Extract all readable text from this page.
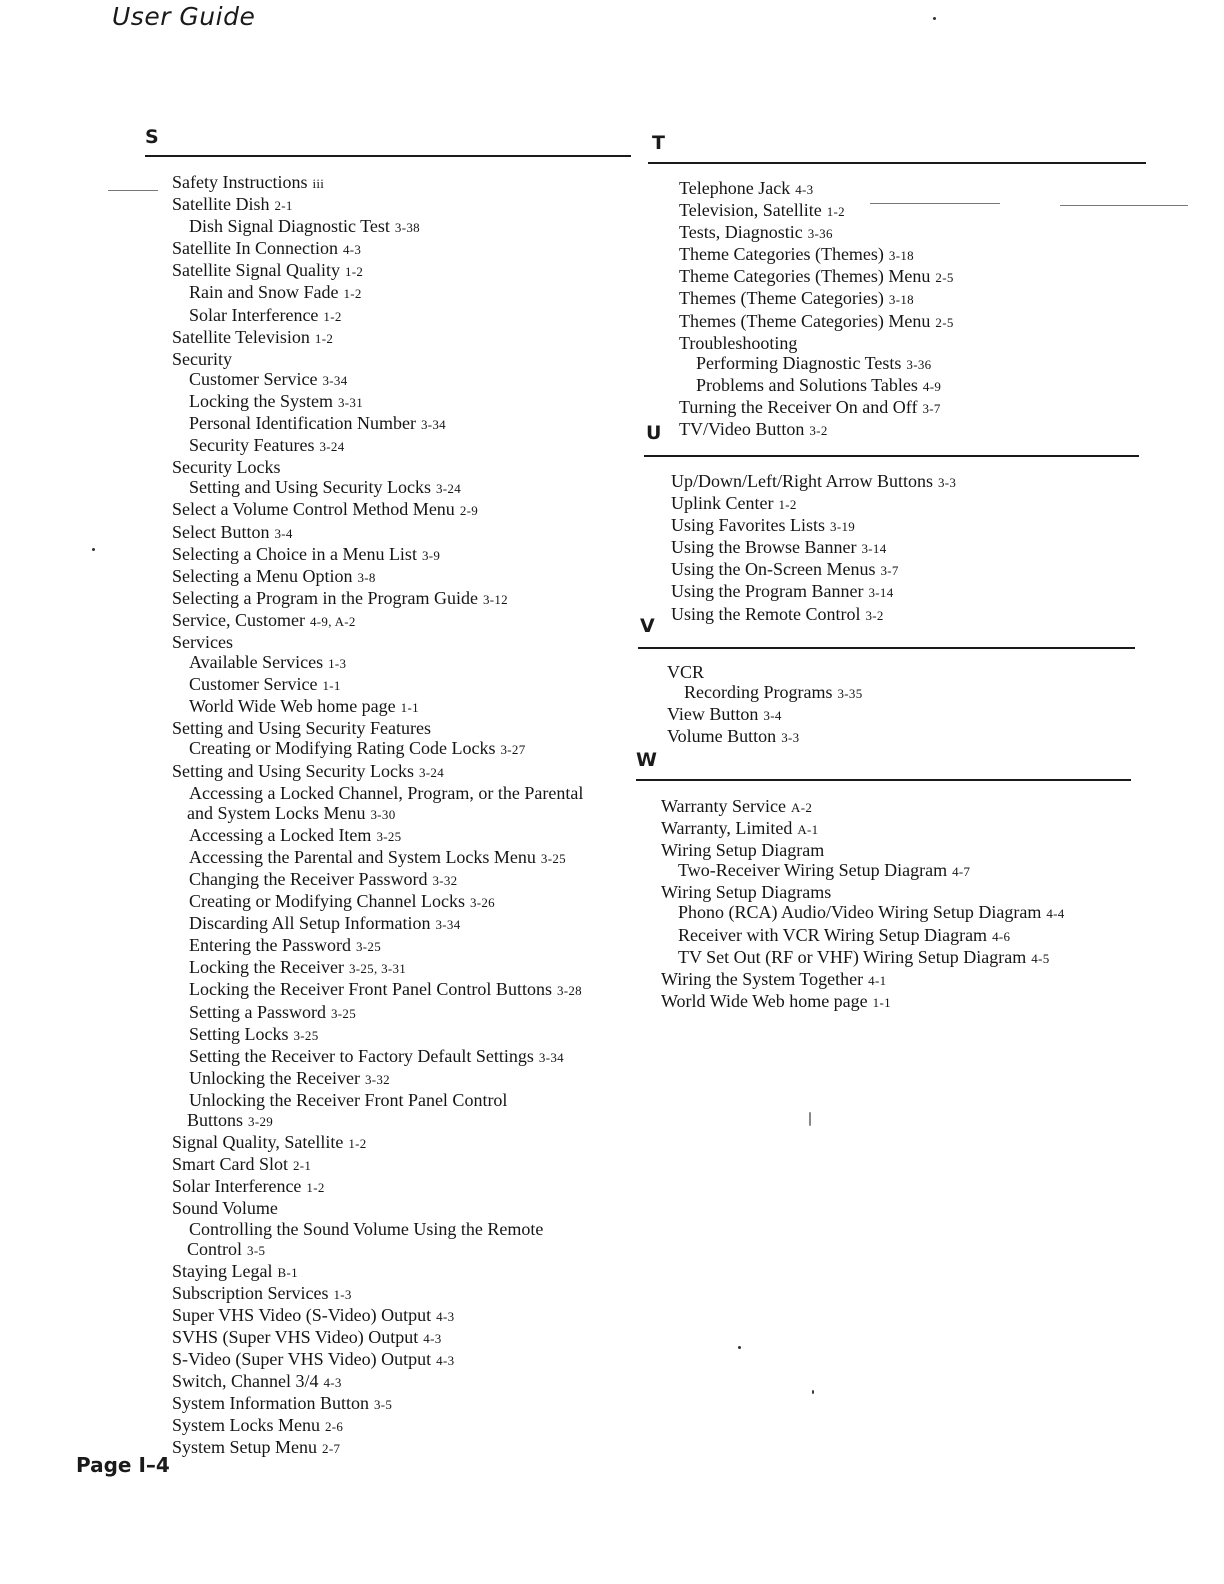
User Guide
S
Safety Instructions iii
Satellite Dish 2-1
Dish Signal Diagnostic Test 3-38
Satellite In Connection 4-3
Satellite Signal Quality 1-2
Rain and Snow Fade 1-2
Solar Interference 1-2
Satellite Television 1-2
Security
Customer Service 3-34
Locking the System 3-31
Personal Identification Number 3-34
Security Features 3-24
Security Locks
Setting and Using Security Locks 3-24
Select a Volume Control Method Menu 2-9
Select Button 3-4
Selecting a Choice in a Menu List 3-9
Selecting a Menu Option 3-8
Selecting a Program in the Program Guide 3-12
Service, Customer 4-9, A-2
Services
Available Services 1-3
Customer Service 1-1
World Wide Web home page 1-1
Setting and Using Security Features
Creating or Modifying Rating Code Locks 3-27
Setting and Using Security Locks 3-24
Accessing a Locked Channel, Program, or the Parental
and System Locks Menu 3-30
Accessing a Locked Item 3-25
Accessing the Parental and System Locks Menu 3-25
Changing the Receiver Password 3-32
Creating or Modifying Channel Locks 3-26
Discarding All Setup Information 3-34
Entering the Password 3-25
Locking the Receiver 3-25, 3-31
Locking the Receiver Front Panel Control Buttons 3-28
Setting a Password 3-25
Setting Locks 3-25
Setting the Receiver to Factory Default Settings 3-34
Unlocking the Receiver 3-32
Unlocking the Receiver Front Panel Control
Buttons 3-29
Signal Quality, Satellite 1-2
Smart Card Slot 2-1
Solar Interference 1-2
Sound Volume
Controlling the Sound Volume Using the Remote
Control 3-5
Staying Legal B-1
Subscription Services 1-3
Super VHS Video (S-Video) Output 4-3
SVHS (Super VHS Video) Output 4-3
S-Video (Super VHS Video) Output 4-3
Switch, Channel 3/4 4-3
System Information Button 3-5
System Locks Menu 2-6
System Setup Menu 2-7
T
Telephone Jack 4-3
Television, Satellite 1-2
Tests, Diagnostic 3-36
Theme Categories (Themes) 3-18
Theme Categories (Themes) Menu 2-5
Themes (Theme Categories) 3-18
Themes (Theme Categories) Menu 2-5
Troubleshooting
Performing Diagnostic Tests 3-36
Problems and Solutions Tables 4-9
Turning the Receiver On and Off 3-7
TV/Video Button 3-2
U
Up/Down/Left/Right Arrow Buttons 3-3
Uplink Center 1-2
Using Favorites Lists 3-19
Using the Browse Banner 3-14
Using the On-Screen Menus 3-7
Using the Program Banner 3-14
Using the Remote Control 3-2
V
VCR
Recording Programs 3-35
View Button 3-4
Volume Button 3-3
W
Warranty Service A-2
Warranty, Limited A-1
Wiring Setup Diagram
Two-Receiver Wiring Setup Diagram 4-7
Wiring Setup Diagrams
Phono (RCA) Audio/Video Wiring Setup Diagram 4-4
Receiver with VCR Wiring Setup Diagram 4-6
TV Set Out (RF or VHF) Wiring Setup Diagram 4-5
Wiring the System Together 4-1
World Wide Web home page 1-1
Page I–4
